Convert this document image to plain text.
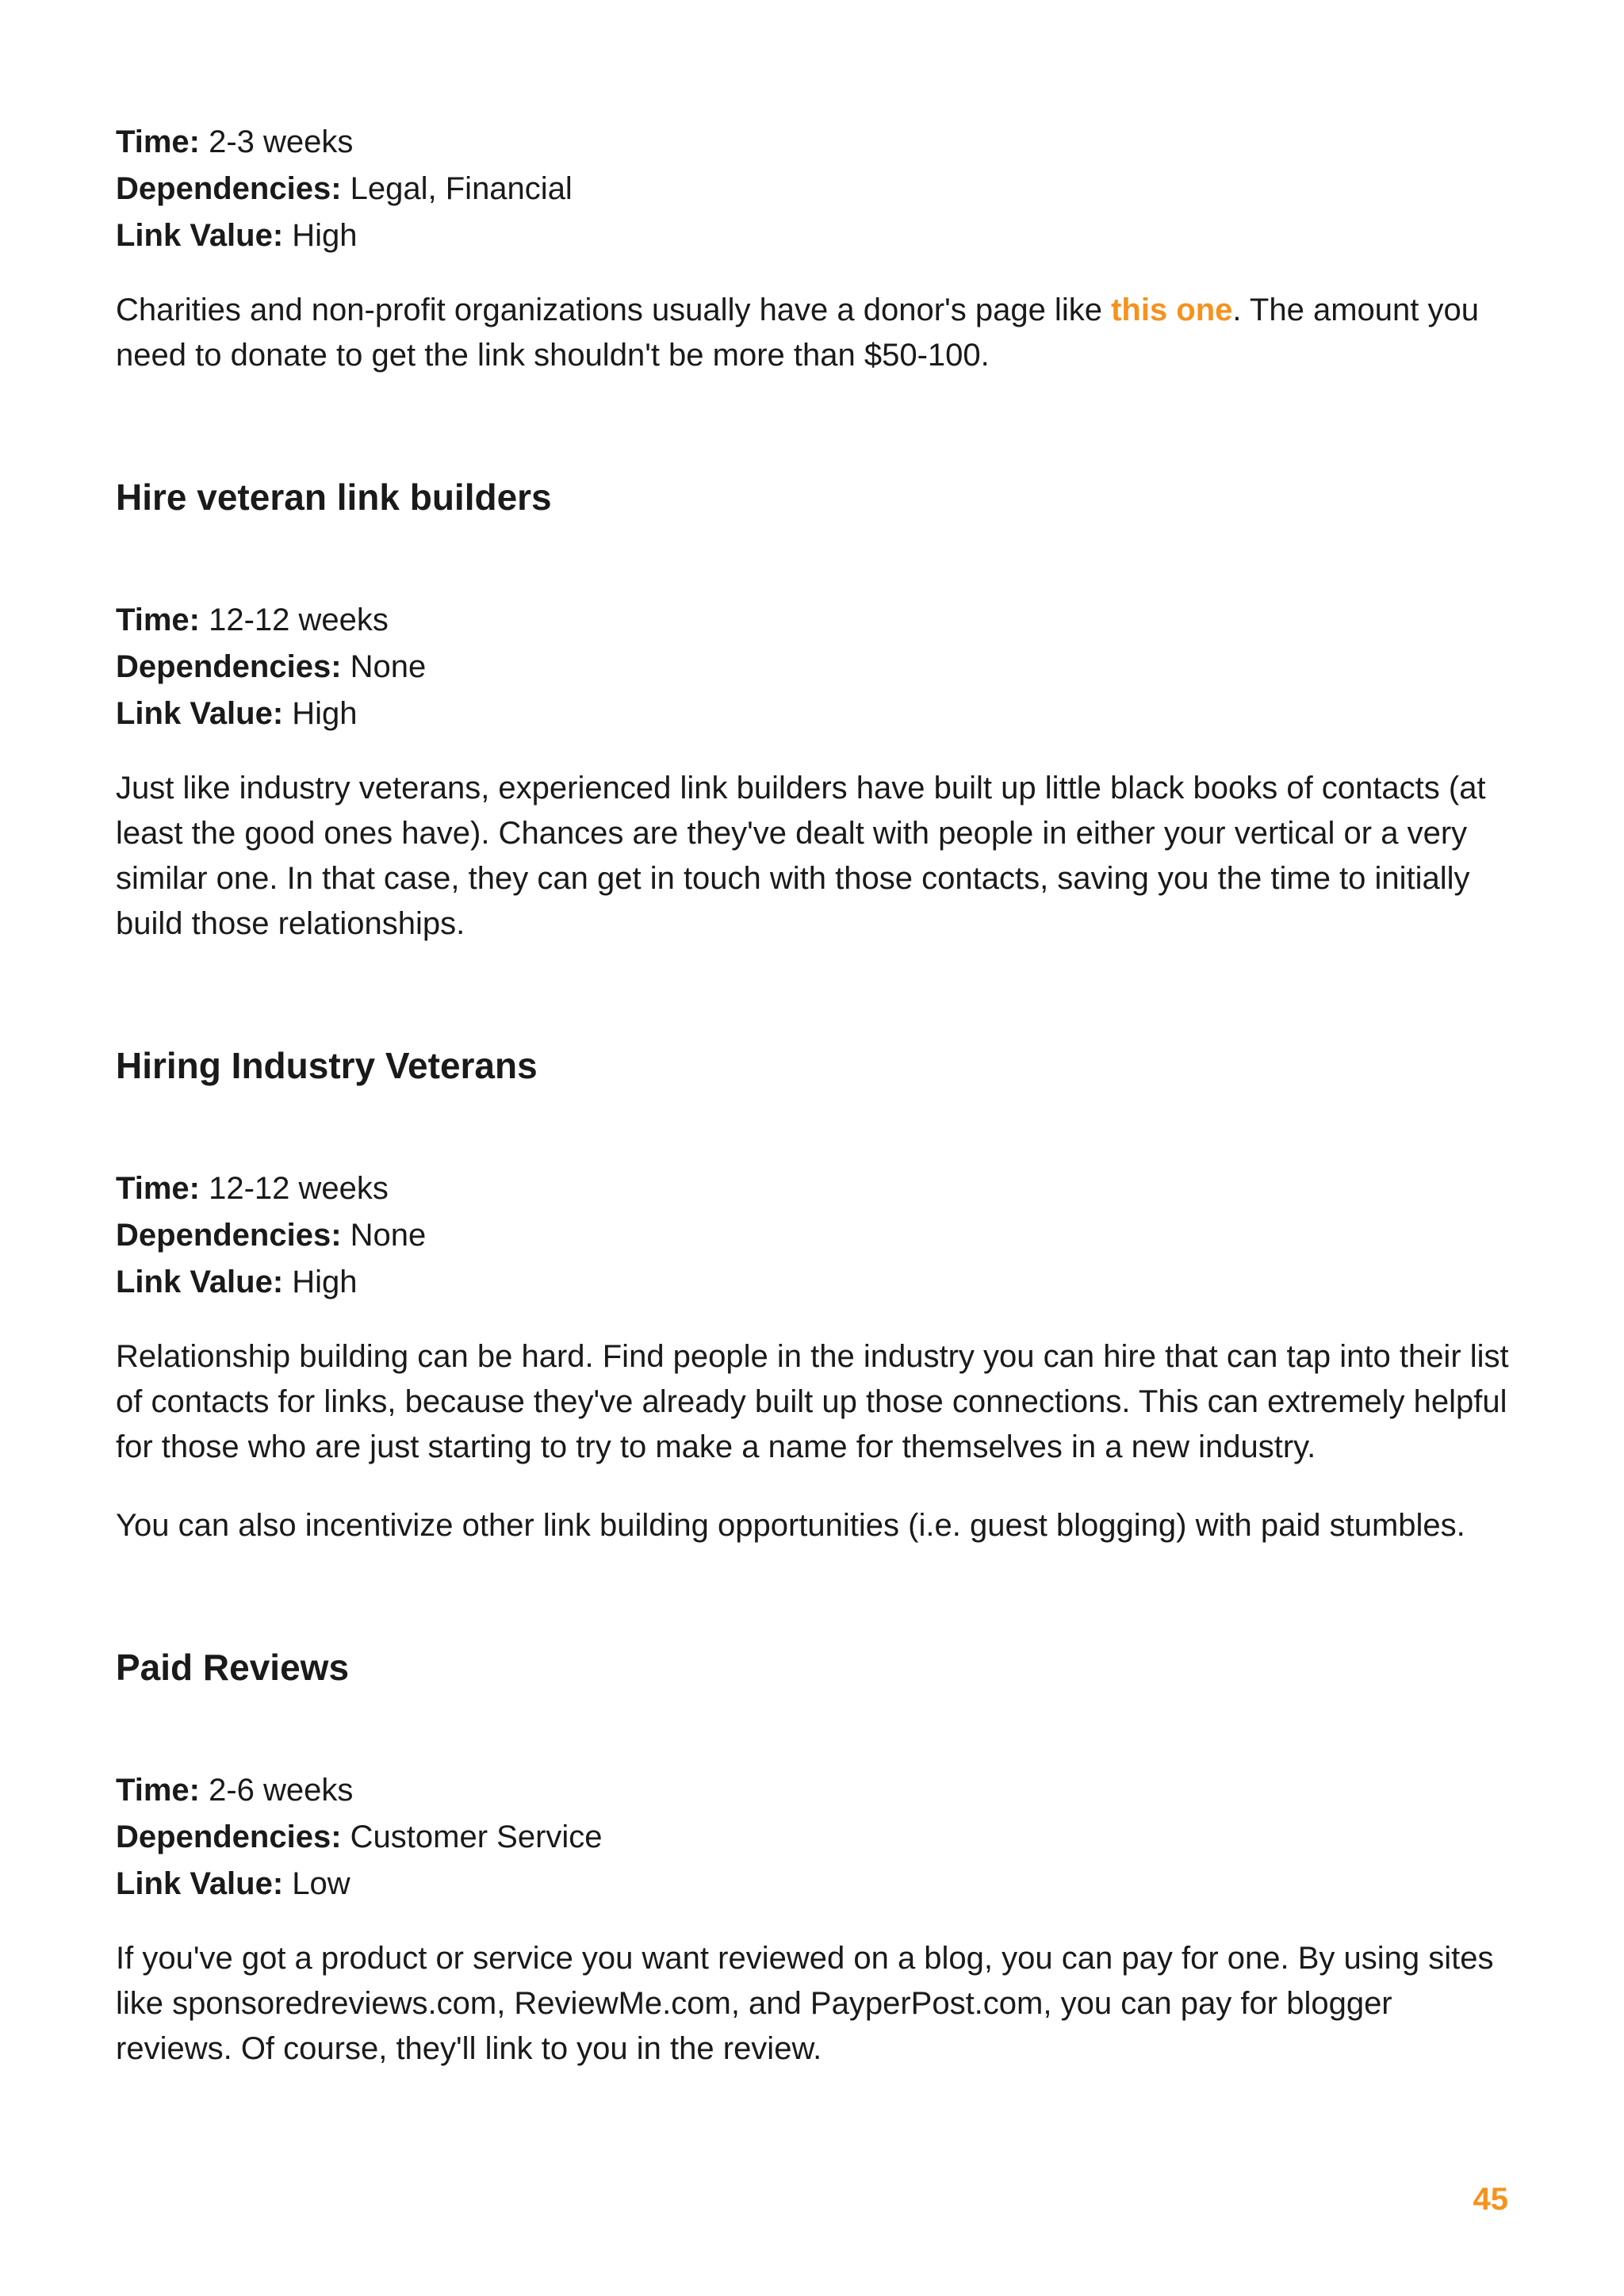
Time: 2-3 weeks

Dependencies: Legal, Financial

Link Value: High

Charities and non-profit organizations usually have a donor's page like this one. The amount you need to donate to get the link shouldn't be more than $50-100.

Hire veteran link builders

Time: 12-12 weeks

Dependencies: None

Link Value: High

Just like industry veterans, experienced link builders have built up little black books of contacts (at least the good ones have). Chances are they've dealt with people in either your vertical or a very similar one. In that case, they can get in touch with those contacts, saving you the time to initially build those relationships.

Hiring Industry Veterans

Time: 12-12 weeks

Dependencies: None

Link Value: High

Relationship building can be hard. Find people in the industry you can hire that can tap into their list of contacts for links, because they've already built up those connections. This can extremely helpful for those who are just starting to try to make a name for themselves in a new industry.

You can also incentivize other link building opportunities (i.e. guest blogging) with paid stumbles.

Paid Reviews

Time: 2-6 weeks

Dependencies: Customer Service

Link Value: Low

If you've got a product or service you want reviewed on a blog, you can pay for one. By using sites like sponsoredreviews.com, ReviewMe.com, and PayperPost.com, you can pay for blogger reviews. Of course, they'll link to you in the review.

45
